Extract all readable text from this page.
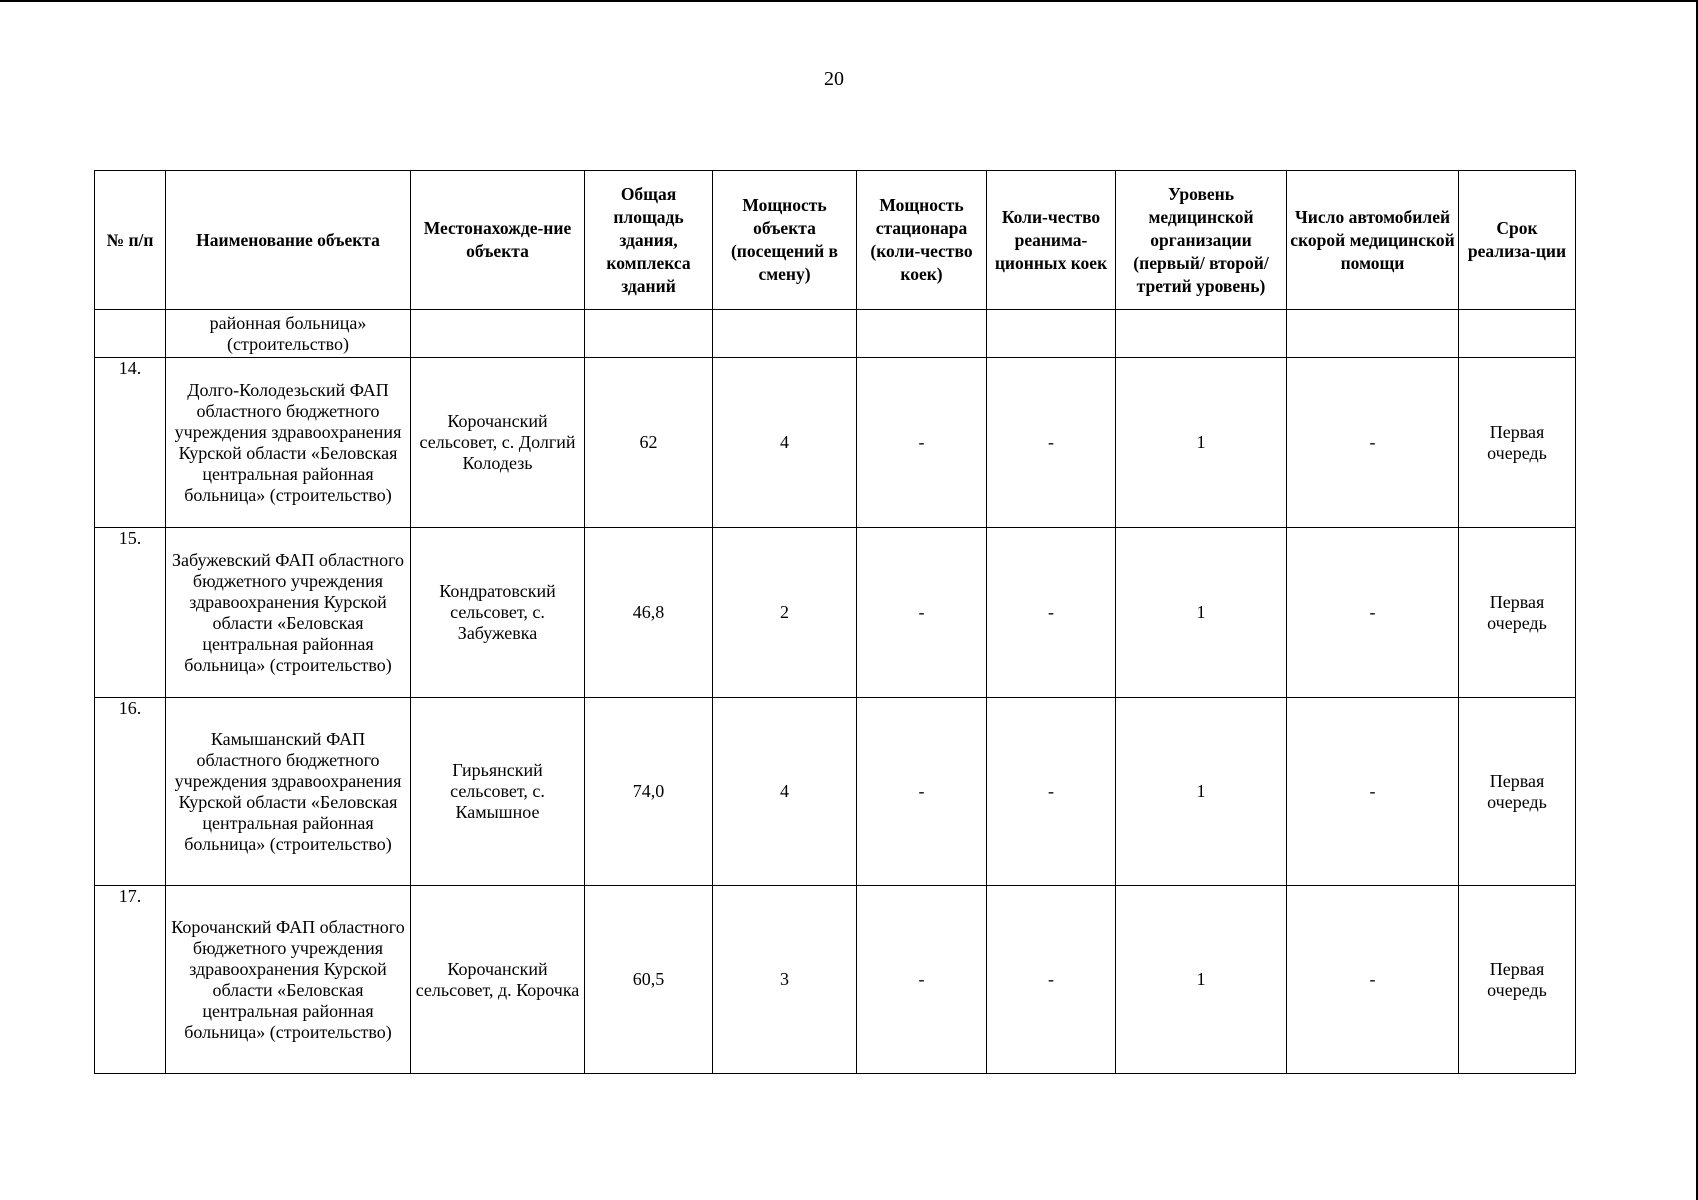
20
№ п/п	Наименование объекта	Местонахожде-ние объекта	Общая площадь здания, комплекса зданий	Мощность объекта (посещений в смену)	Мощность стационара (коли-чество коек)	Коли-чество реанима-ционных коек	Уровень медицинской организации (первый/ второй/ третий уровень)	Число автомобилей скорой медицинской помощи	Срок реализа-ции
	районная больница» (строительство)								
14.	Долго-Колодезьский ФАП областного бюджетного учреждения здравоохранения Курской области «Беловская центральная районная больница» (строительство)	Корочанский сельсовет, с. Долгий Колодезь	62	4	-	-	1	-	Первая очередь
15.	Забужевский ФАП областного бюджетного учреждения здравоохранения Курской области «Беловская центральная районная больница» (строительство)	Кондратовский сельсовет, с. Забужевка	46,8	2	-	-	1	-	Первая очередь
16.	Камышанский ФАП областного бюджетного учреждения здравоохранения Курской области «Беловская центральная районная больница» (строительство)	Гирьянский сельсовет, с. Камышное	74,0	4	-	-	1	-	Первая очередь
17.	Корочанский ФАП областного бюджетного учреждения здравоохранения Курской области «Беловская центральная районная больница» (строительство)	Корочанский сельсовет, д. Корочка	60,5	3	-	-	1	-	Первая очередь
